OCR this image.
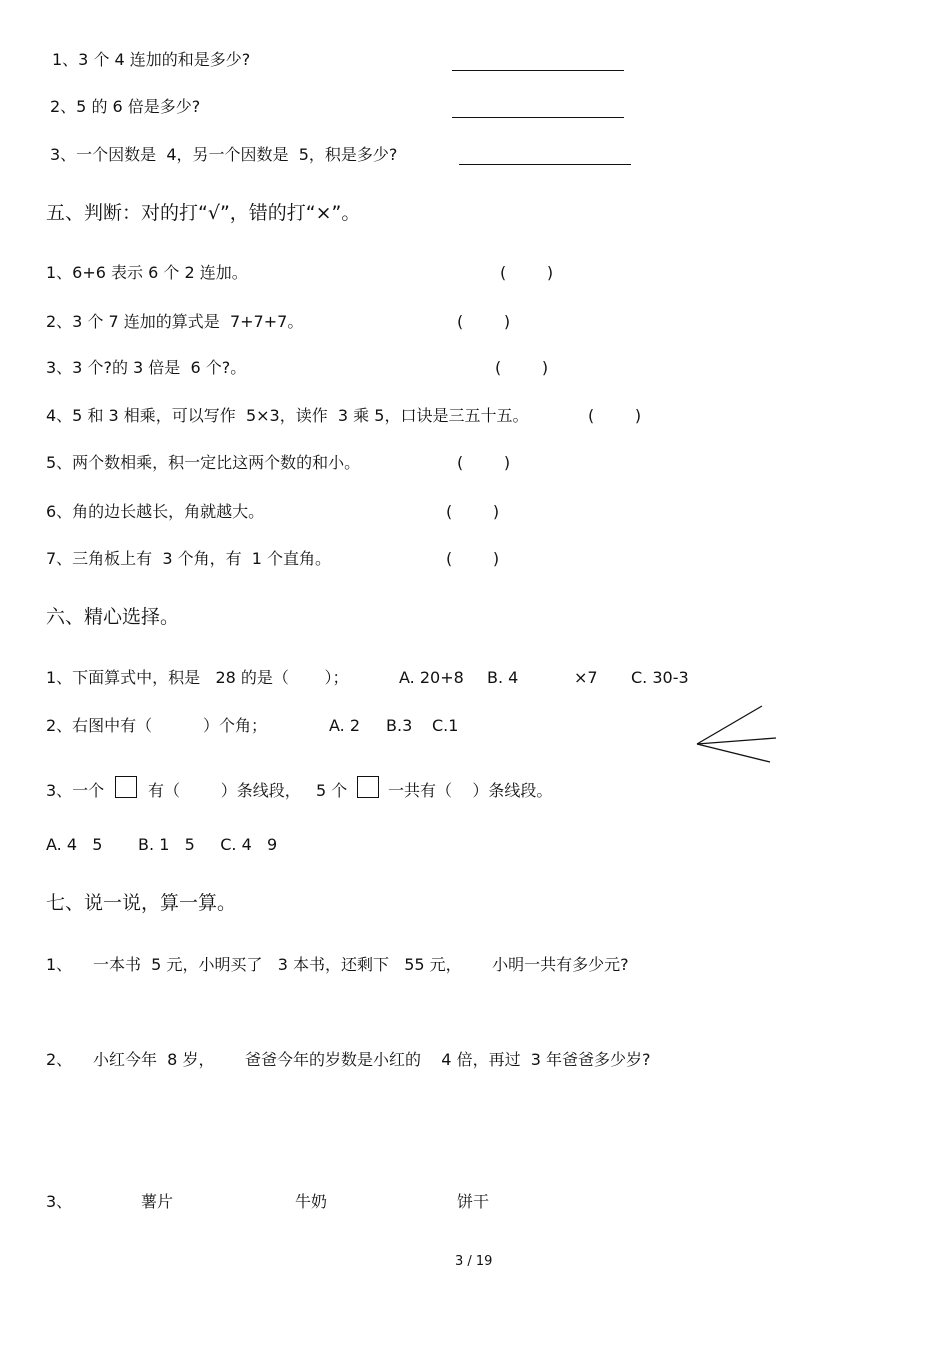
1、3 个 4 连加的和是多少?
2、5 的 6 倍是多少?
3、一个因数是  4，另一个因数是  5，积是多少?
五、判断：对的打“√”，错的打“×”。
1、6+6 表示 6 个 2 连加。	(        )
2、3 个 7 连加的算式是  7+7+7。	(        )
3、3 个?的 3 倍是  6 个?。	(        )
4、5 和 3 相乘，可以写作  5×3，读作  3 乘 5，口诀是三五十五。	(        )
5、两个数相乘，积一定比这两个数的和小。	(        )
6、角的边长越长，角就越大。	(        )
7、三角板上有  3 个角，有  1 个直角。	(        )
六、精心选择。
1、下面算式中，积是   28 的是（       ）；	A. 20+8 B. 4	×7 C. 30-3
2、右图中有（          ）个角；	A. 2 B.3 C.1
3、一个	有（        ）条线段，   5 个	一共有（    ）条线段。
A. 4   5       B. 1   5     C. 4   9
七、说一说，算一算。
1、 一本书  5 元，小明买了   3 本书，还剩下   55 元，      小明一共有多少元?
2、 小红今年  8 岁，      爸爸今年的岁数是小红的    4 倍，再过  3 年爸爸多少岁?
3、	薯片	牛奶	饼干
3 / 19
